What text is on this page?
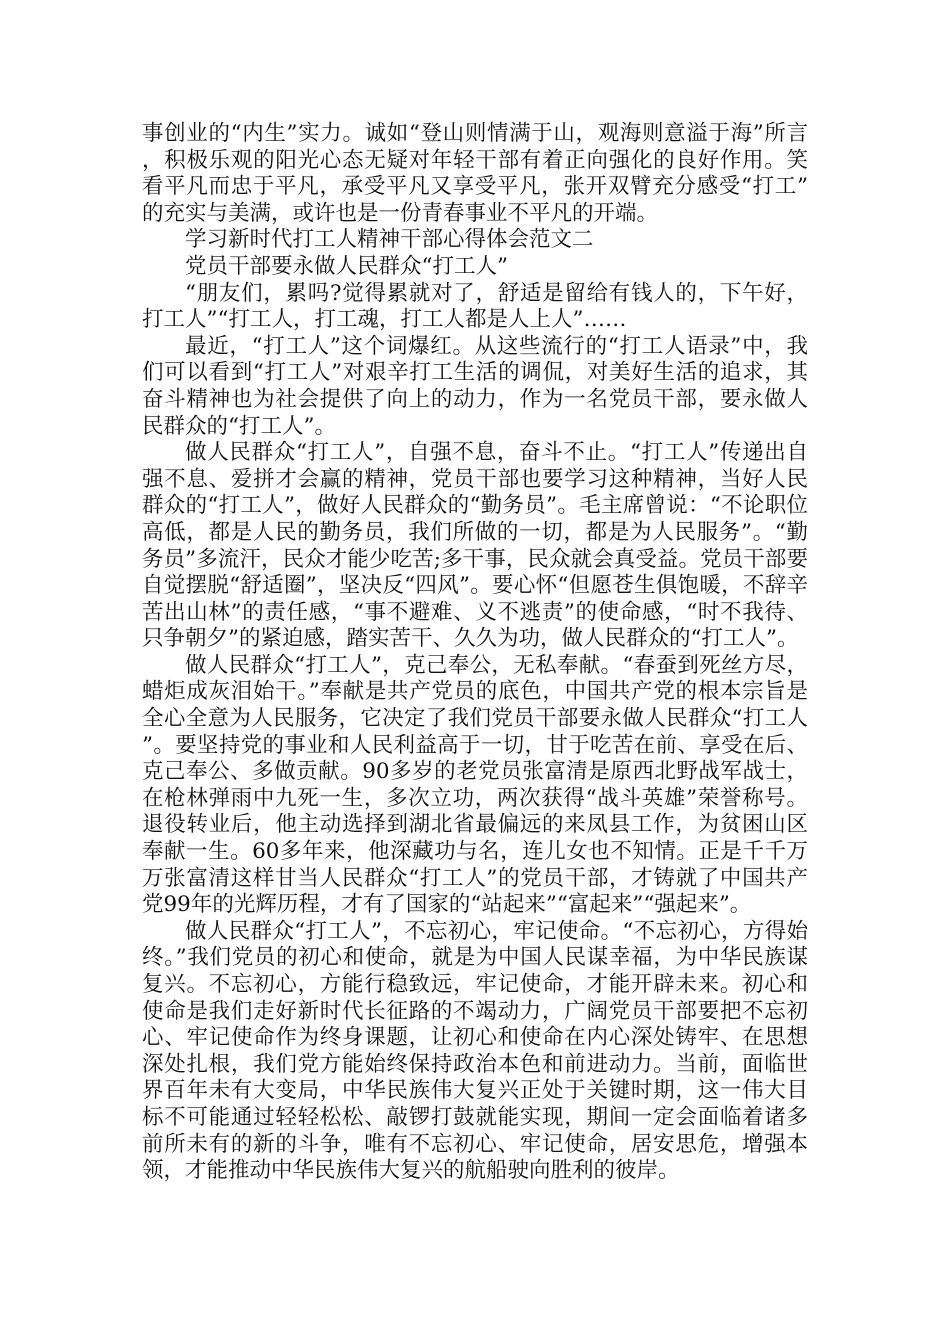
事创业的“内生”实力。诚如“登山则情满于山，观海则意溢于海”所言，积极乐观的阳光心态无疑对年轻干部有着正向强化的良好作用。笑看平凡而忠于平凡，承受平凡又享受平凡，张开双臂充分感受“打工”的充实与美满，或许也是一份青春事业不平凡的开端。

学习新时代打工人精神干部心得体会范文二

党员干部要永做人民群众“打工人”

“朋友们，累吗?觉得累就对了，舒适是留给有钱人的，下午好，打工人”“打工人，打工魂，打工人都是人上人”……

最近，“打工人”这个词爆红。从这些流行的“打工人语录”中，我们可以看到“打工人”对艰辛打工生活的调侃，对美好生活的追求，其奋斗精神也为社会提供了向上的动力，作为一名党员干部，要永做人民群众的“打工人”。

做人民群众“打工人”，自强不息，奋斗不止。“打工人”传递出自强不息、爱拼才会赢的精神，党员干部也要学习这种精神，当好人民群众的“打工人”，做好人民群众的“勤务员”。毛主席曾说：“不论职位高低，都是人民的勤务员，我们所做的一切，都是为人民服务”。“勤务员”多流汗，民众才能少吃苦;多干事，民众就会真受益。党员干部要自觉摆脱“舒适圈”，坚决反“四风”。要心怀“但愿苍生俱饱暖，不辞辛苦出山林”的责任感，“事不避难、义不逃责”的使命感，“时不我待、只争朝夕”的紧迫感，踏实苦干、久久为功，做人民群众的“打工人”。

做人民群众“打工人”，克己奉公，无私奉献。“春蚕到死丝方尽，蜡炬成灰泪始干。”奉献是共产党员的底色，中国共产党的根本宗旨是全心全意为人民服务，它决定了我们党员干部要永做人民群众“打工人”。要坚持党的事业和人民利益高于一切，甘于吃苦在前、享受在后、克己奉公、多做贡献。90多岁的老党员张富清是原西北野战军战士，在枪林弹雨中九死一生，多次立功，两次获得“战斗英雄”荣誉称号。退役转业后，他主动选择到湖北省最偏远的来凤县工作，为贫困山区奉献一生。60多年来，他深藏功与名，连儿女也不知情。正是千千万万张富清这样甘当人民群众“打工人”的党员干部，才铸就了中国共产党99年的光辉历程，才有了国家的“站起来”“富起来”“强起来”。

做人民群众“打工人”，不忘初心，牢记使命。“不忘初心，方得始终。”我们党员的初心和使命，就是为中国人民谋幸福，为中华民族谋复兴。不忘初心，方能行稳致远，牢记使命，才能开辟未来。初心和使命是我们走好新时代长征路的不竭动力，广阔党员干部要把不忘初心、牢记使命作为终身课题，让初心和使命在内心深处铸牢、在思想深处扎根，我们党方能始终保持政治本色和前进动力。当前，面临世界百年未有大变局，中华民族伟大复兴正处于关键时期，这一伟大目标不可能通过轻轻松松、敲锣打鼓就能实现，期间一定会面临着诸多前所未有的新的斗争，唯有不忘初心、牢记使命，居安思危，增强本领，才能推动中华民族伟大复兴的航船驶向胜利的彼岸。
